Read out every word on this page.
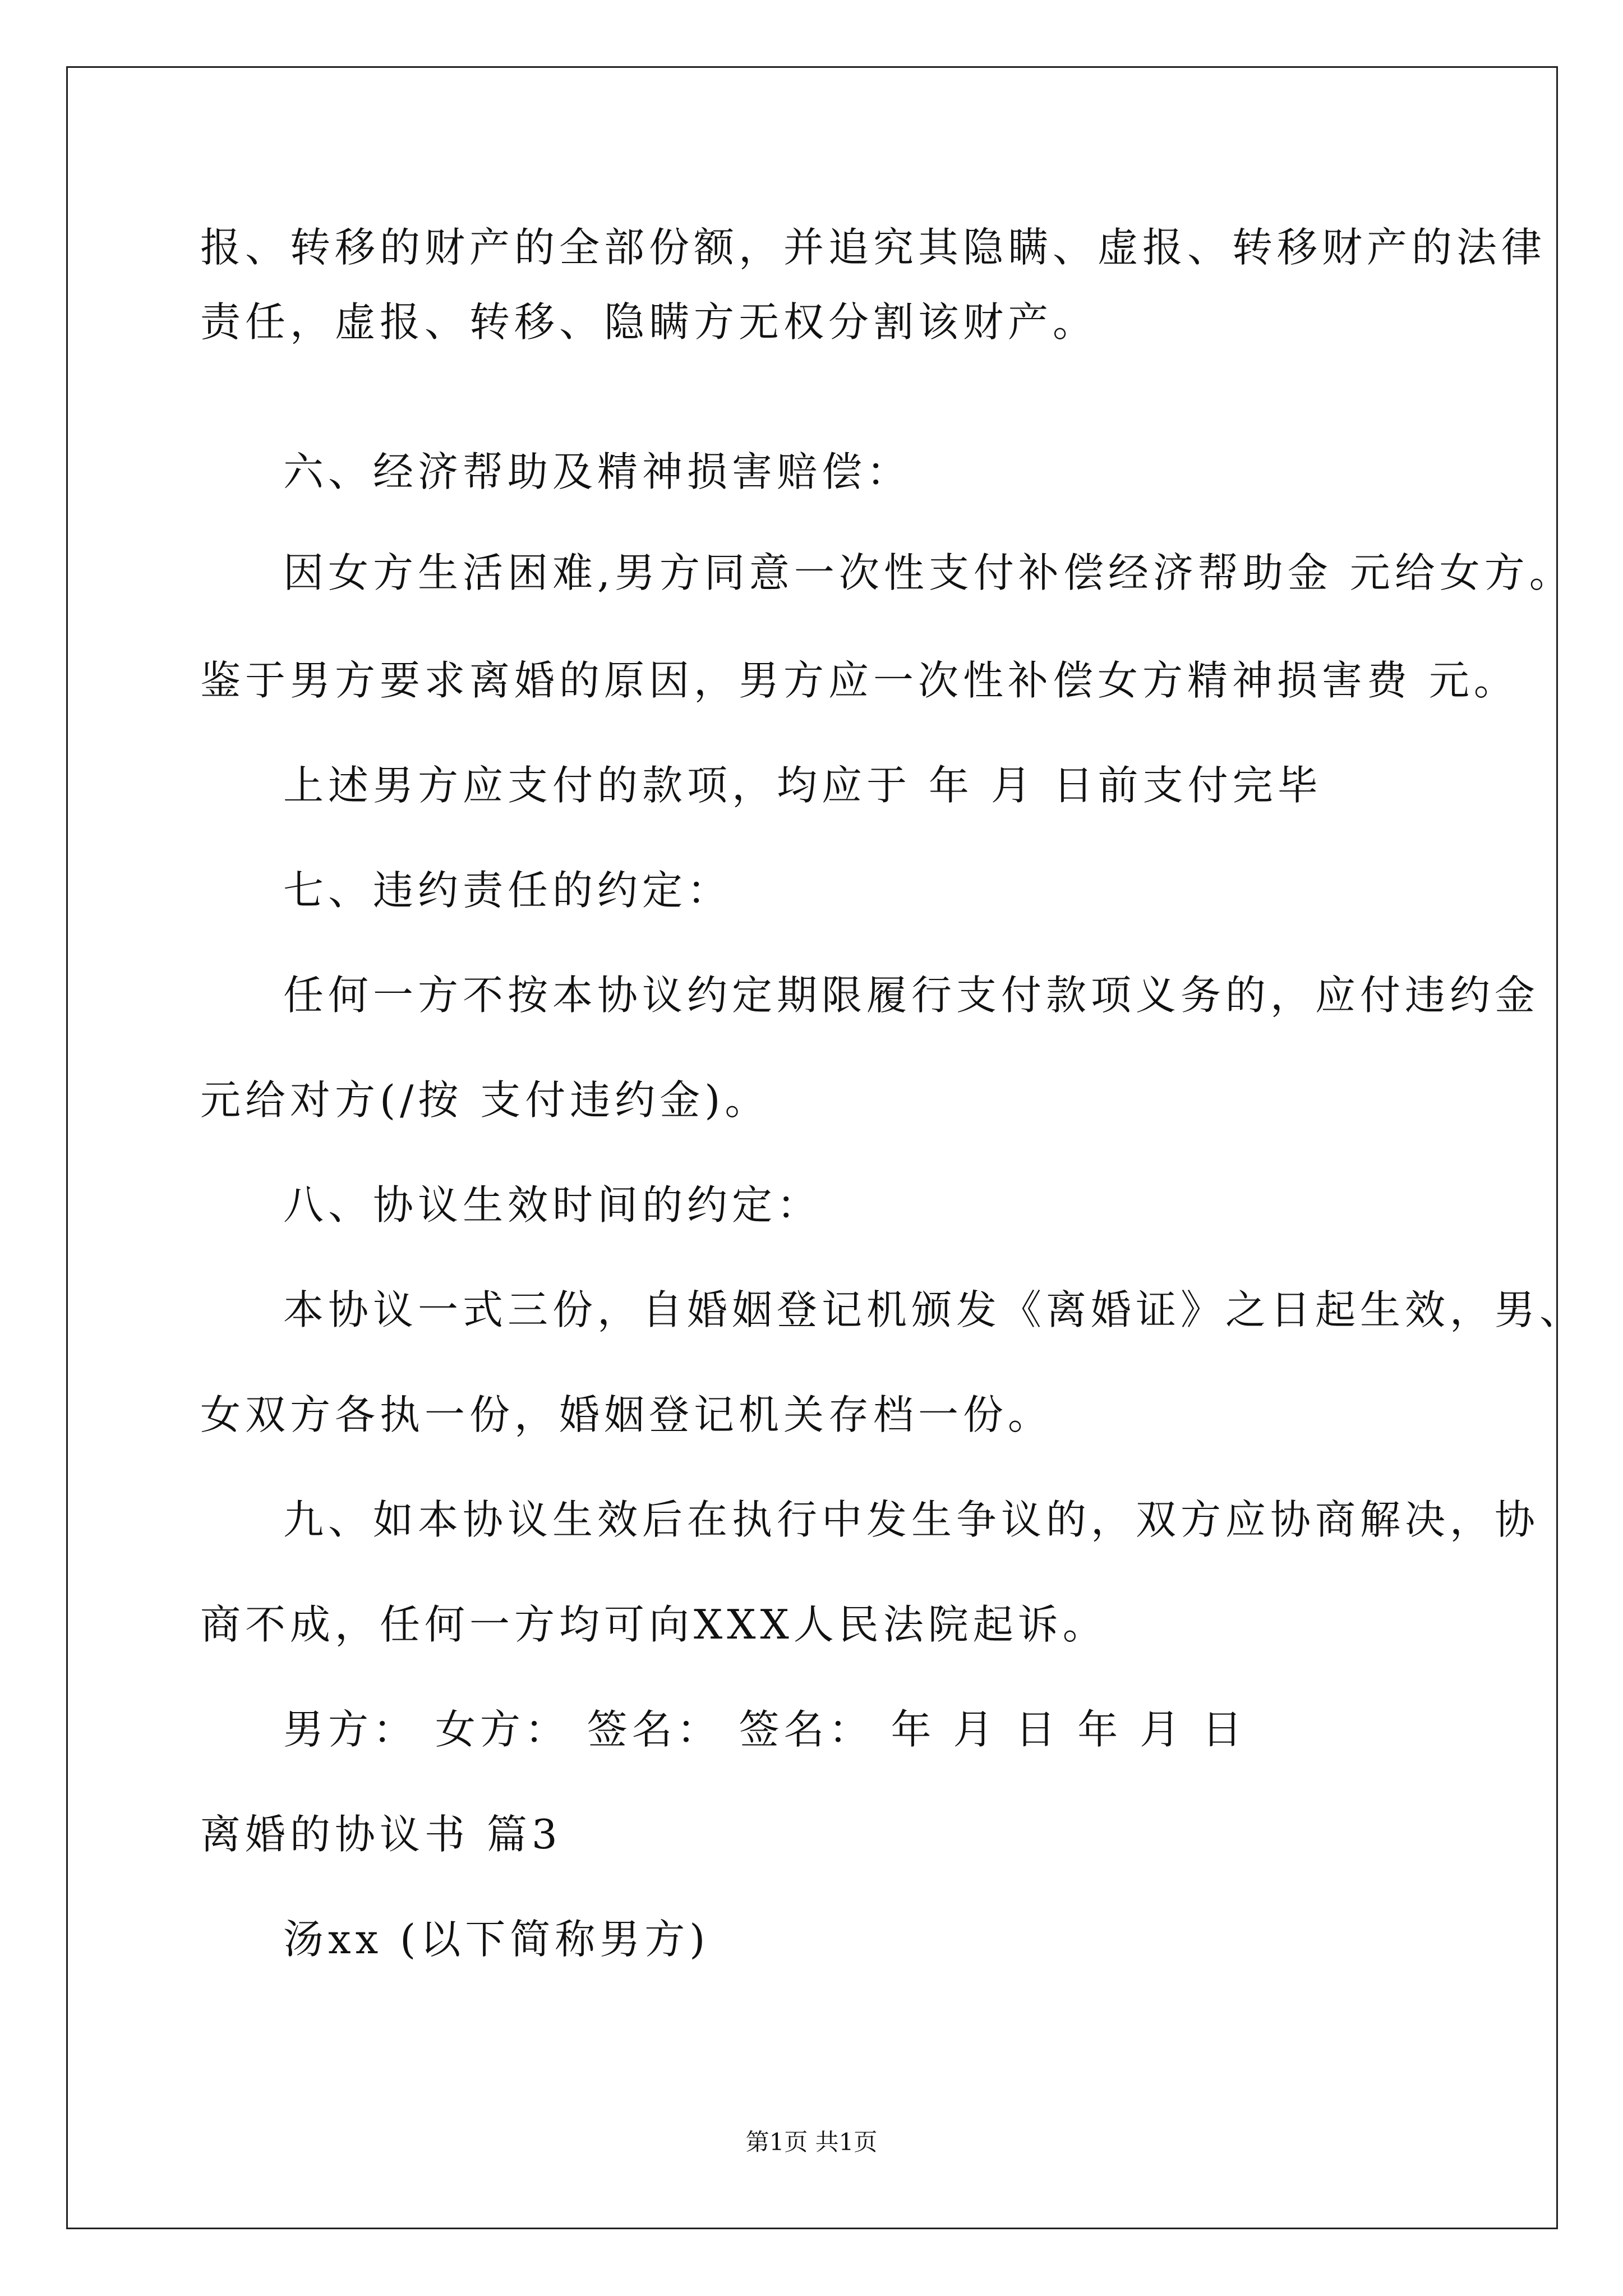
报、转移的财产的全部份额，并追究其隐瞒、虚报、转移财产的法律
责任，虚报、转移、隐瞒方无权分割该财产。
六、经济帮助及精神损害赔偿：
因女方生活困难,男方同意一次性支付补偿经济帮助金 元给女方。
鉴于男方要求离婚的原因，男方应一次性补偿女方精神损害费 元。
上述男方应支付的款项，均应于 年 月 日前支付完毕
七、违约责任的约定：
任何一方不按本协议约定期限履行支付款项义务的，应付违约金
元给对方(/按 支付违约金)。
八、协议生效时间的约定：
本协议一式三份，自婚姻登记机颁发《离婚证》之日起生效，男、
女双方各执一份，婚姻登记机关存档一份。
九、如本协议生效后在执行中发生争议的，双方应协商解决，协
商不成，任何一方均可向XXX人民法院起诉。
男方： 女方： 签名： 签名： 年 月 日 年 月 日
离婚的协议书 篇3
汤xx (以下简称男方)
第1页 共1页
